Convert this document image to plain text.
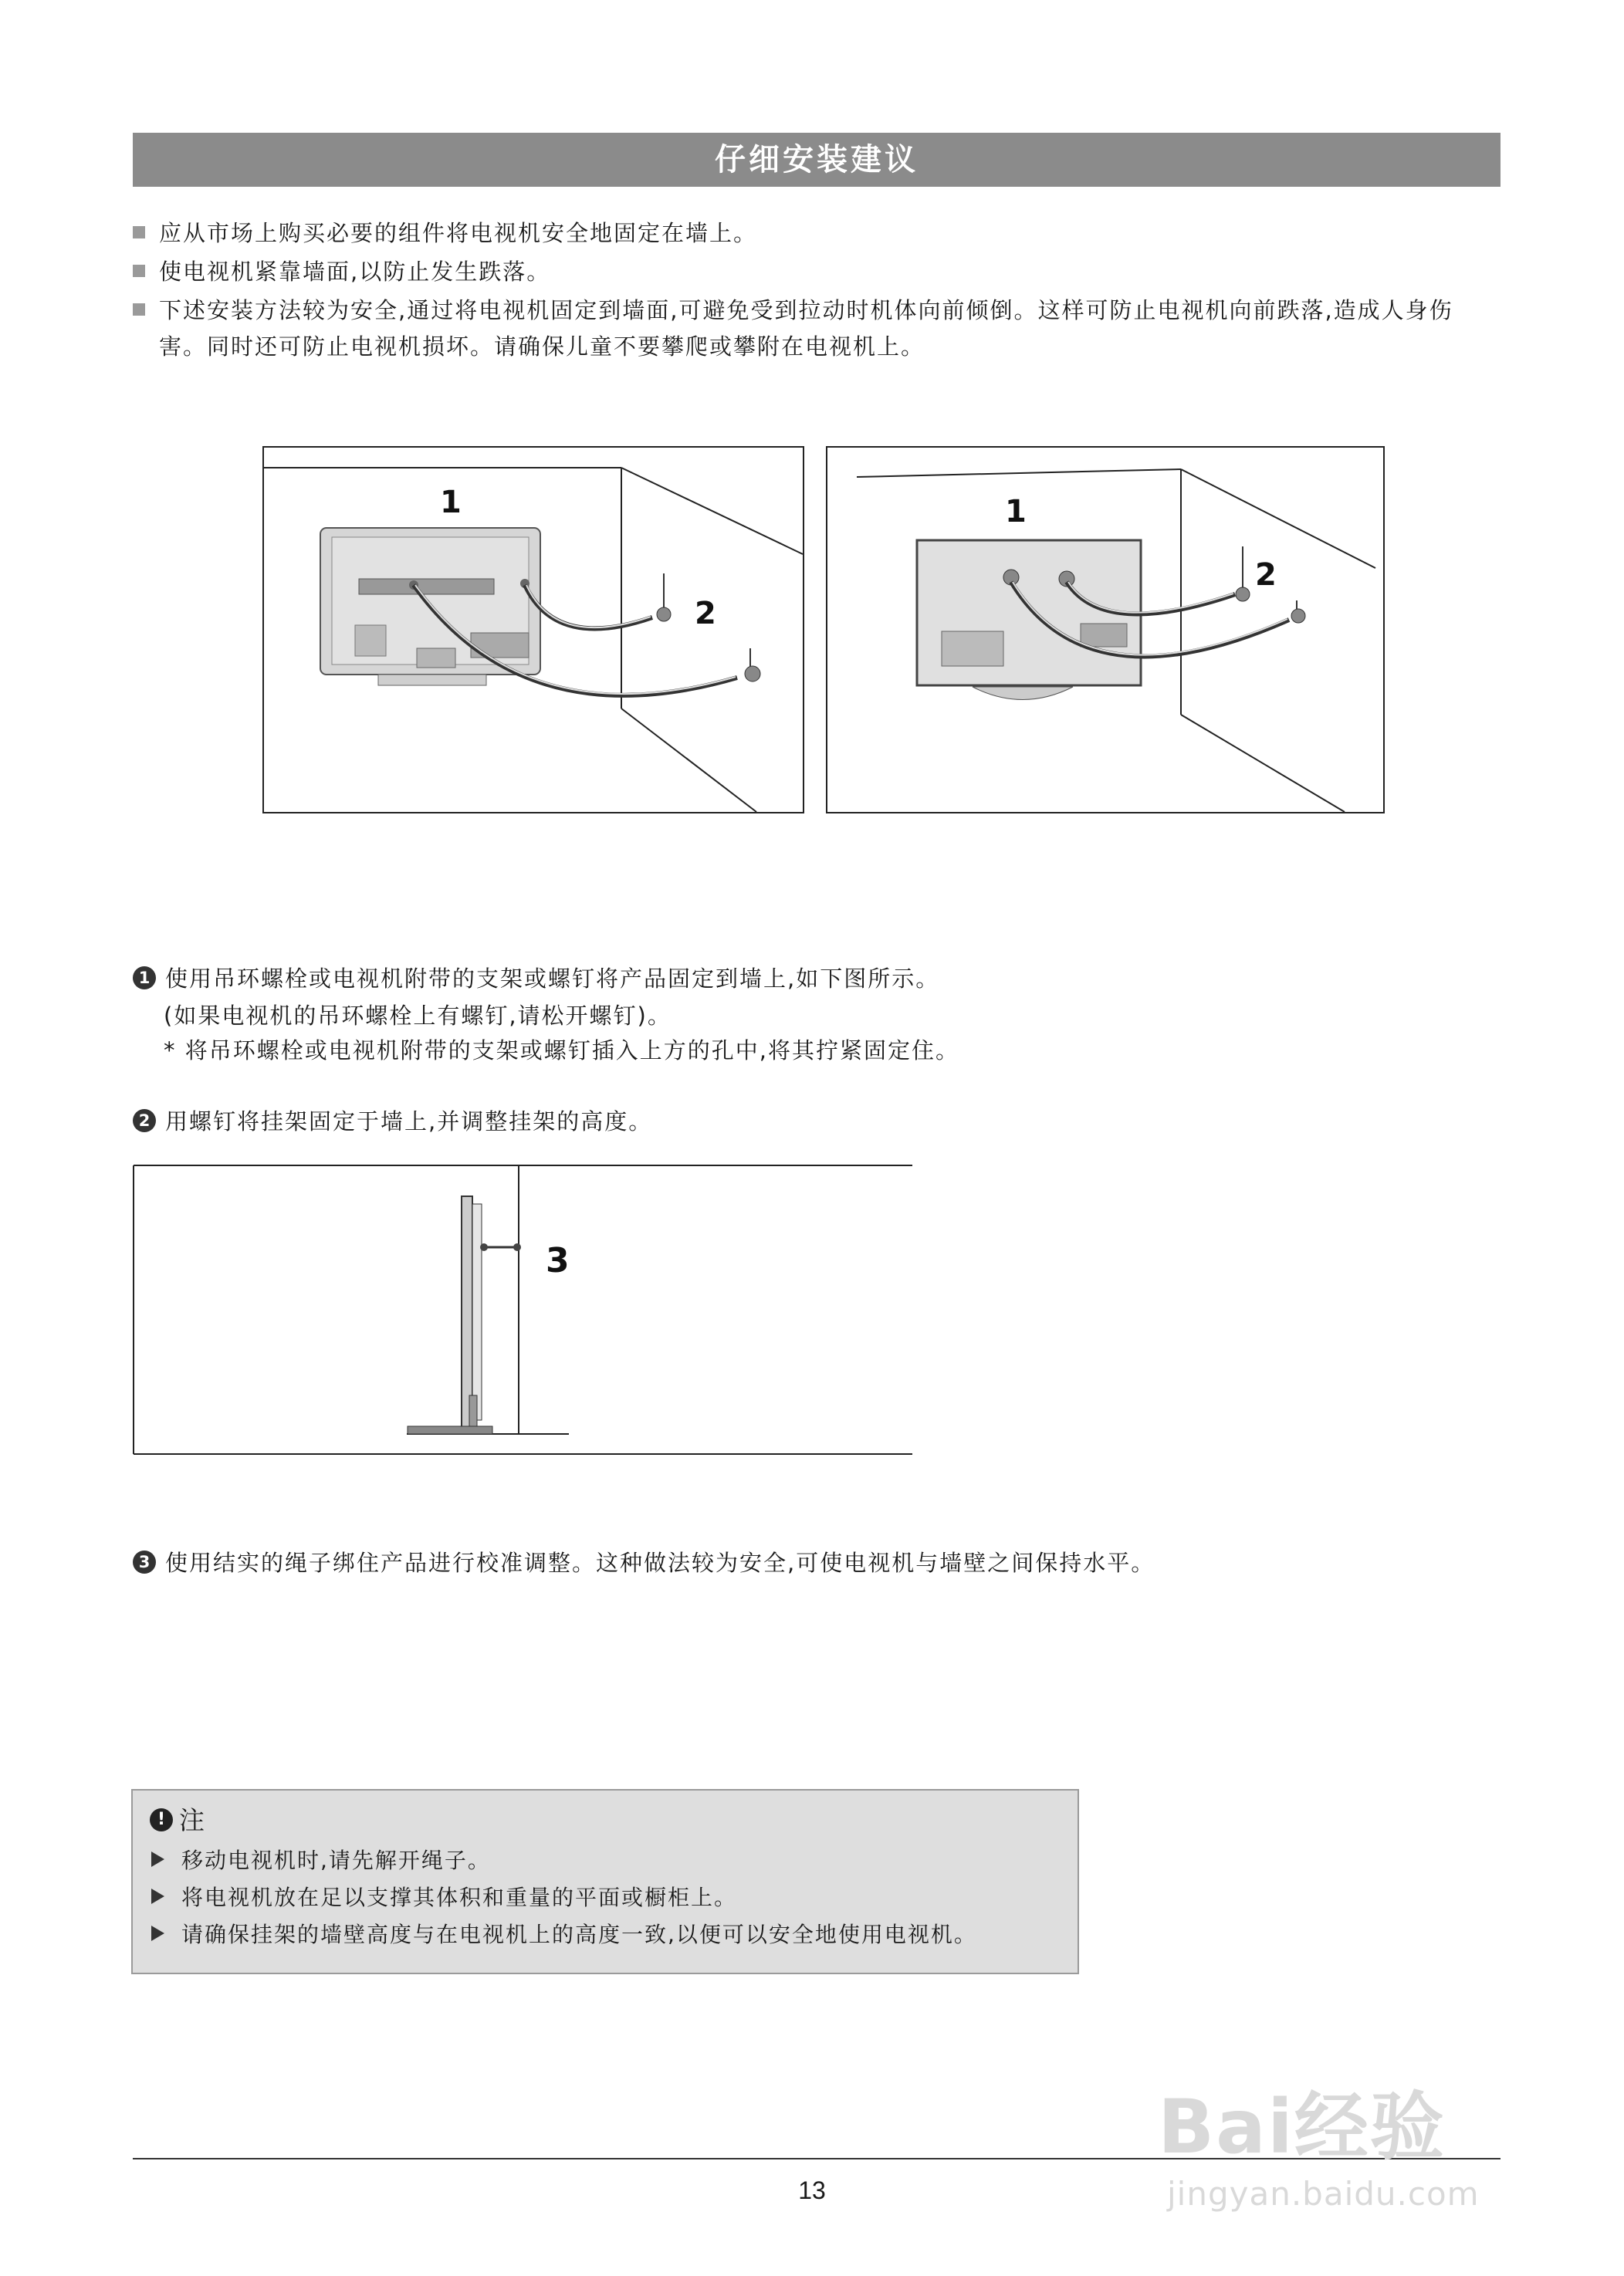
仔细安装建议
应从市场上购买必要的组件将电视机安全地固定在墙上。
使电视机紧靠墙面,以防止发生跌落。
下述安装方法较为安全,通过将电视机固定到墙面,可避免受到拉动时机体向前倾倒。这样可防止电视机向前跌落,造成人身伤
害。同时还可防止电视机损坏。请确保儿童不要攀爬或攀附在电视机上。
1
2
1
2
1 使用吊环螺栓或电视机附带的支架或螺钉将产品固定到墙上,如下图所示。
(如果电视机的吊环螺栓上有螺钉,请松开螺钉)。
* 将吊环螺栓或电视机附带的支架或螺钉插入上方的孔中,将其拧紧固定住。
2 用螺钉将挂架固定于墙上,并调整挂架的高度。
3
3 使用结实的绳子绑住产品进行校准调整。这种做法较为安全,可使电视机与墙壁之间保持水平。
! 注
移动电视机时,请先解开绳子。
将电视机放在足以支撑其体积和重量的平面或橱柜上。
请确保挂架的墙壁高度与在电视机上的高度一致,以便可以安全地使用电视机。
13
Bai经验
jingyan.baidu.com
